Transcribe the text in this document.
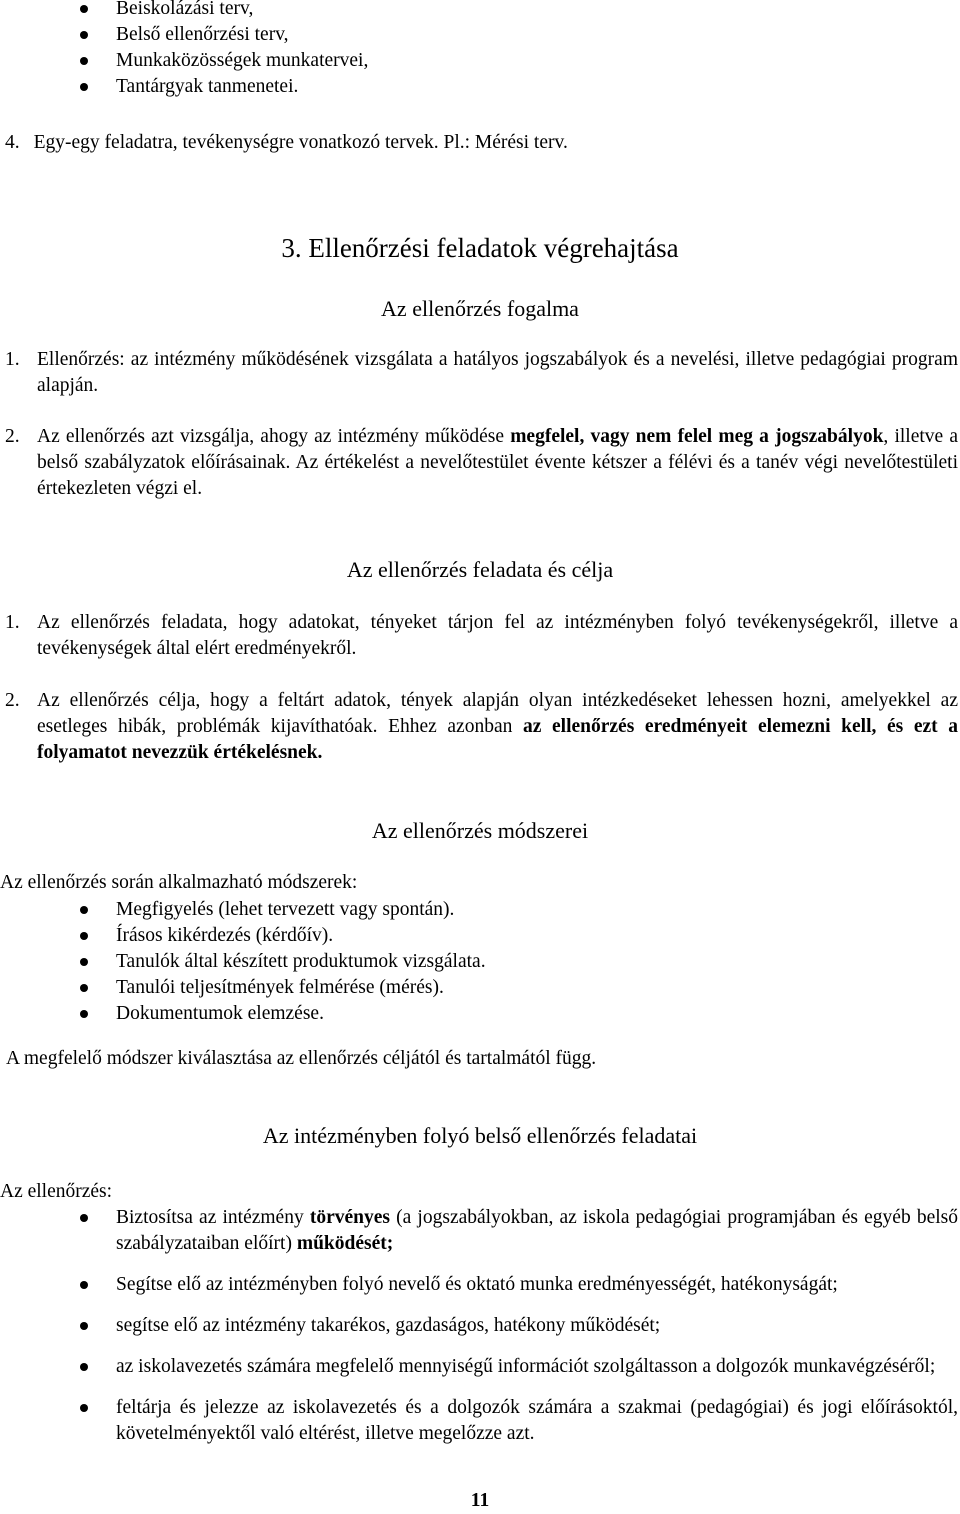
Beiskolázási terv,
Belső ellenőrzési terv,
Munkaközösségek munkatervei,
Tantárgyak tanmenetei.
4. Egy-egy feladatra, tevékenységre vonatkozó tervek. Pl.: Mérési terv.
3. Ellenőrzési feladatok végrehajtása
Az ellenőrzés fogalma
1. Ellenőrzés: az intézmény működésének vizsgálata a hatályos jogszabályok és a nevelési, illetve pedagógiai program alapján.
2. Az ellenőrzés azt vizsgálja, ahogy az intézmény működése megfelel, vagy nem felel meg a jogszabályok, illetve a belső szabályzatok előírásainak. Az értékelést a nevelőtestület évente kétszer a félévi és a tanév végi nevelőtestületi értekezleten végzi el.
Az ellenőrzés feladata és célja
1. Az ellenőrzés feladata, hogy adatokat, tényeket tárjon fel az intézményben folyó tevékenységekről, illetve a tevékenységek által elért eredményekről.
2. Az ellenőrzés célja, hogy a feltárt adatok, tények alapján olyan intézkedéseket lehessen hozni, amelyekkel az esetleges hibák, problémák kijavíthatóak. Ehhez azonban az ellenőrzés eredményeit elemezni kell, és ezt a folyamatot nevezzük értékelésnek.
Az ellenőrzés módszerei
Az ellenőrzés során alkalmazható módszerek:
Megfigyelés (lehet tervezett vagy spontán).
Írásos kikérdezés (kérdőív).
Tanulók által készített produktumok vizsgálata.
Tanulói teljesítmények felmérése (mérés).
Dokumentumok elemzése.
A megfelelő módszer kiválasztása az ellenőrzés céljától és tartalmától függ.
Az intézményben folyó belső ellenőrzés feladatai
Az ellenőrzés:
Biztosítsa az intézmény törvényes (a jogszabályokban, az iskola pedagógiai programjában és egyéb belső szabályzataiban előírt) működését;
Segítse elő az intézményben folyó nevelő és oktató munka eredményességét, hatékonyságát;
segítse elő az intézmény takarékos, gazdaságos, hatékony működését;
az iskolavezetés számára megfelelő mennyiségű információt szolgáltasson a dolgozók munkavégzéséről;
feltárja és jelezze az iskolavezetés és a dolgozók számára a szakmai (pedagógiai) és jogi előírásoktól, követelményektől való eltérést, illetve megelőzze azt.
11
